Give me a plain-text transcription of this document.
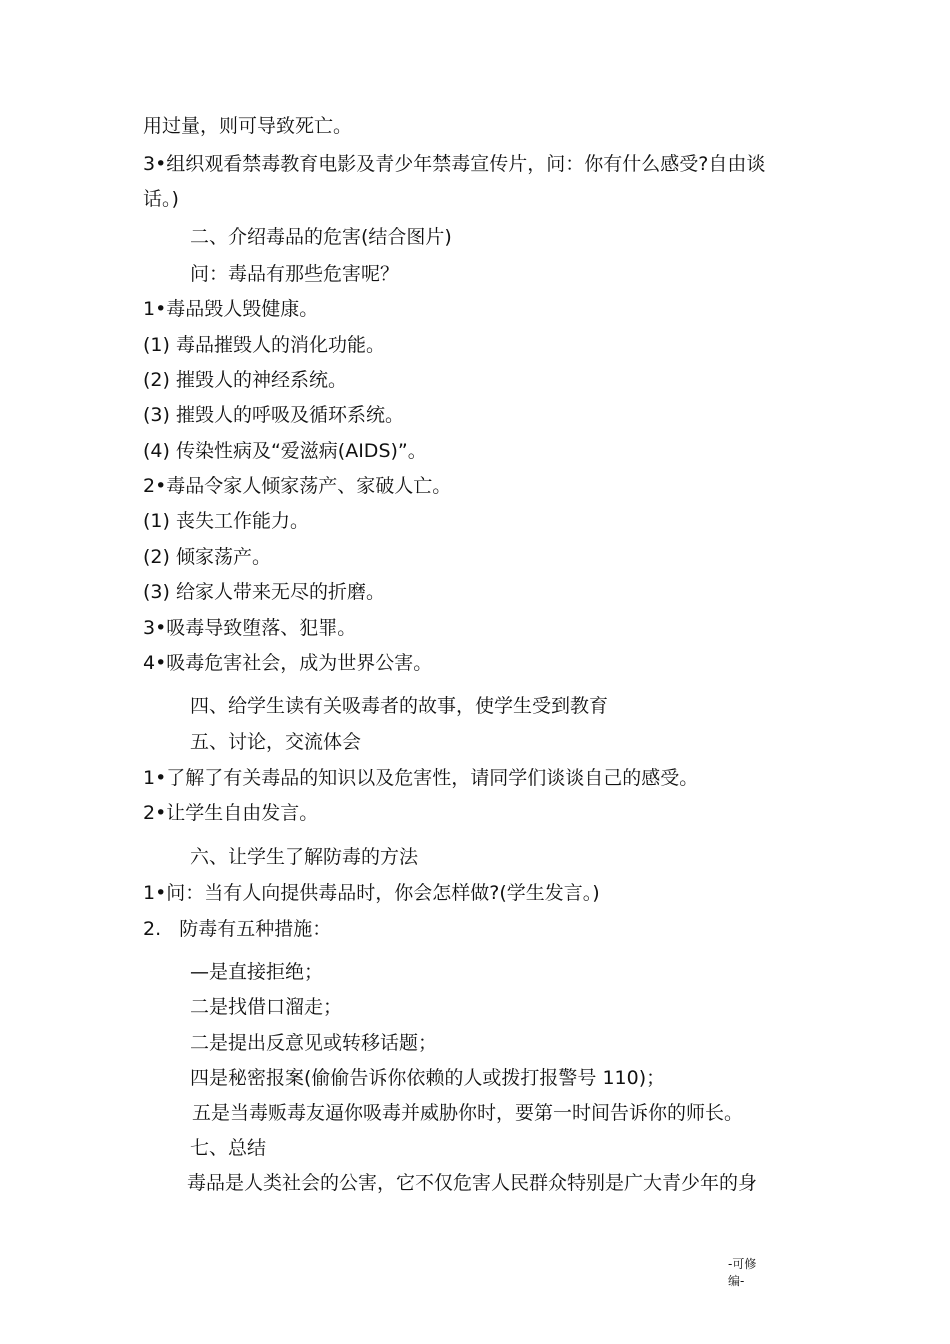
用过量，则可导致死亡。
3•组织观看禁毒教育电影及青少年禁毒宣传片，问：你有什么感受?自由谈
话。)
二、介绍毒品的危害(结合图片)
问：毒品有那些危害呢？
1•毒品毁人毁健康。
(1) 毒品摧毁人的消化功能。
(2) 摧毁人的神经系统。
(3) 摧毁人的呼吸及循环系统。
(4) 传染性病及“爱滋病(AIDS)”。
2•毒品令家人倾家荡产、家破人亡。
(1) 丧失工作能力。
(2) 倾家荡产。
(3) 给家人带来无尽的折磨。
3•吸毒导致堕落、犯罪。
4•吸毒危害社会，成为世界公害。
四、给学生读有关吸毒者的故事，使学生受到教育
五、讨论，交流体会
1•了解了有关毒品的知识以及危害性，请同学们谈谈自己的感受。
2•让学生自由发言。
六、让学生了解防毒的方法
1•问：当有人向提供毒品时，你会怎样做?(学生发言。)
2.   防毒有五种措施：
—是直接拒绝；
二是找借口溜走；
二是提出反意见或转移话题；
四是秘密报案(偷偷告诉你依赖的人或拨打报警号 110)；
五是当毒贩毒友逼你吸毒并威胁你时，要第一时间告诉你的师长。
七、总结
毒品是人类社会的公害，它不仅危害人民群众特别是广大青少年的身
-可修
编-
